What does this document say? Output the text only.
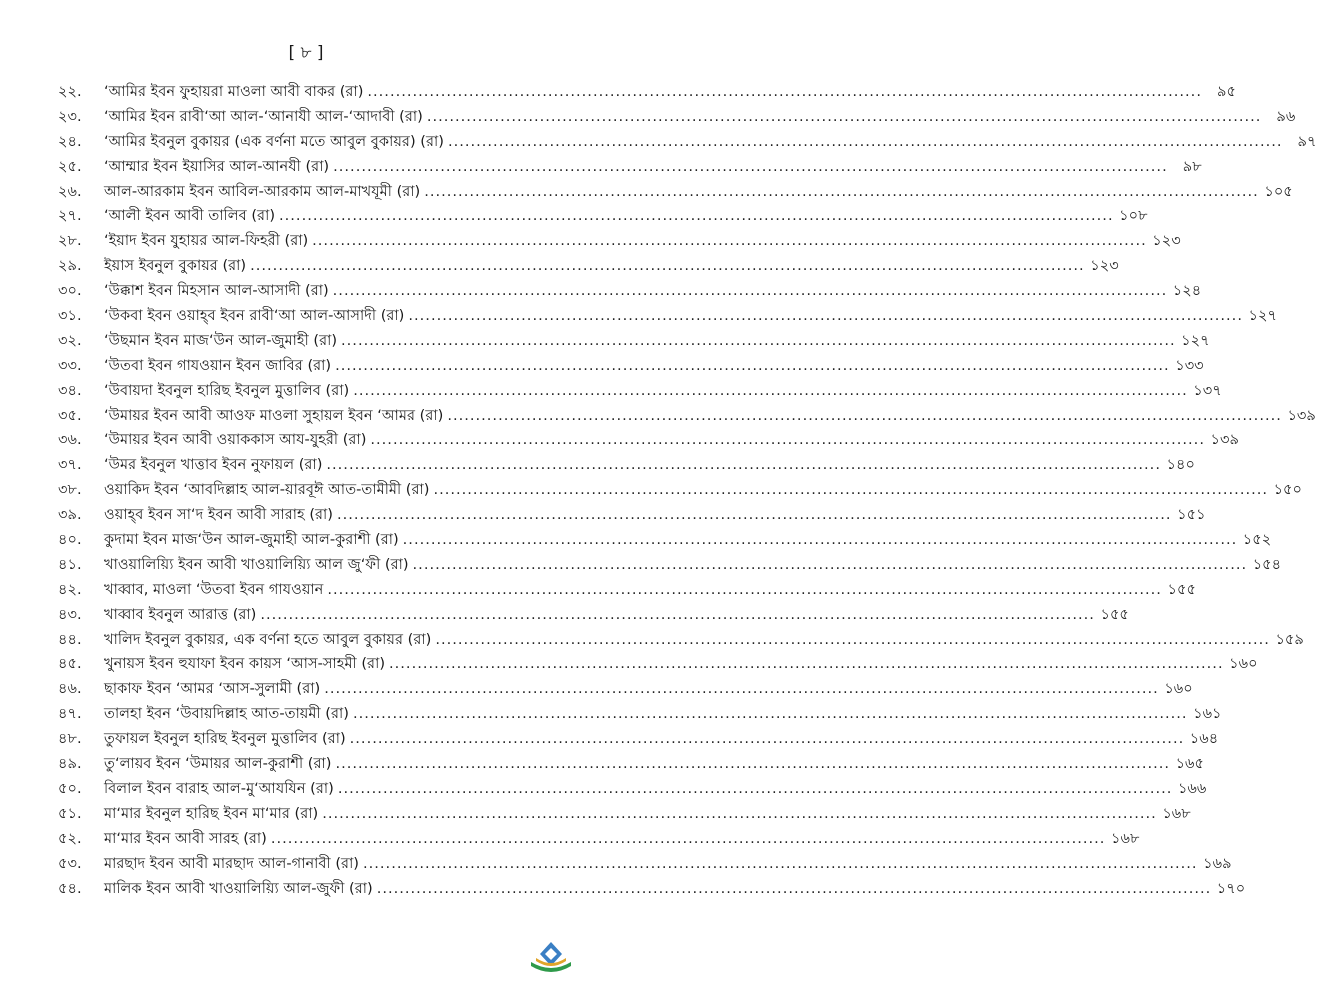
[ ৮ ]
২২.	‘আমির ইবন ফুহায়রা মাওলা আবী বাকর (রা) .....	৯৫
২৩.	‘আমির ইবন রাবী‘আ আল-‘আনাযী আল-‘আদাবী (রা) .....	৯৬
২৪.	‘আমির ইবনুল বুকায়র (এক বর্ণনা মতে আবুল বুকায়র) (রা) .....	৯৭
২৫.	‘আম্মার ইবন ইয়াসির আল-আনযী (রা) .....	৯৮
২৬.	আল-আরকাম ইবন আবিল-আরকাম আল-মাখযূমী (রা) .....	১০৫
২৭.	‘আলী ইবন আবী তালিব (রা) .....	১০৮
২৮.	‘ইয়াদ ইবন যুহায়র আল-ফিহরী (রা) .....	১২৩
২৯.	ইয়াস ইবনুল বুকায়র (রা) .....	১২৩
৩০.	‘উক্কাশ ইবন মিহসান আল-আসাদী (রা) .....	১২৪
৩১.	‘উকবা ইবন ওয়াহ্‌ব ইবন রাবী‘আ আল-আসাদী (রা) .....	১২৭
৩২.	‘উছমান ইবন মাজ‘উন আল-জুমাহী (রা) .....	১২৭
৩৩.	‘উতবা ইবন গাযওয়ান ইবন জাবির (রা) .....	১৩৩
৩৪.	‘উবায়দা ইবনুল হারিছ ইবনুল মুত্তালিব (রা) .....	১৩৭
৩৫.	‘উমায়র ইবন আবী আওফ মাওলা সুহায়ল ইবন ‘আমর (রা) .....	১৩৯
৩৬.	‘উমায়র ইবন আবী ওয়াককাস আয-যুহরী (রা) .....	১৩৯
৩৭.	‘উমর ইবনুল খাত্তাব ইবন নুফায়ল (রা) .....	১৪০
৩৮.	ওয়াকিদ ইবন ‘আবদিল্লাহ আল-য়ারবূঈ আত-তামীমী (রা) .....	১৫০
৩৯.	ওয়াহ্‌ব ইবন সা‘দ ইবন আবী সারাহ (রা) .....	১৫১
৪০.	কুদামা ইবন মাজ‘উন আল-জুমাহী আল-কুরাশী (রা) .....	১৫২
৪১.	খাওয়ালিয়্যি ইবন আবী খাওয়ালিয়্যি আল জু‘ফী (রা) .....	১৫৪
৪২.	খাব্বাব, মাওলা ‘উতবা ইবন গাযওয়ান .....	১৫৫
৪৩.	খাব্বাব ইবনুল আরাত্ত (রা) .....	১৫৫
৪৪.	খালিদ ইবনুল বুকায়র, এক বর্ণনা হতে আবুল বুকায়র (রা) .....	১৫৯
৪৫.	খুনায়স ইবন হুযাফা ইবন কায়স ‘আস-সাহমী (রা) .....	১৬০
৪৬.	ছাকাফ ইবন ‘আমর ‘আস-সুলামী (রা) .....	১৬০
৪৭.	তালহা ইবন ‘উবায়দিল্লাহ আত-তায়মী (রা) .....	১৬১
৪৮.	তুফায়ল ইবনুল হারিছ ইবনুল মুত্তালিব (রা) .....	১৬৪
৪৯.	তু‘লায়ব ইবন ‘উমায়র আল-কুরাশী (রা) .....	১৬৫
৫০.	বিলাল ইবন বারাহ আল-মু‘আযযিন (রা) .....	১৬৬
৫১.	মা‘মার ইবনুল হারিছ ইবন মা‘মার (রা) .....	১৬৮
৫২.	মা‘মার ইবন আবী সারহ (রা) .....	১৬৮
৫৩.	মারছাদ ইবন আবী মারছাদ আল-গানাবী (রা) .....	১৬৯
৫৪.	মালিক ইবন আবী খাওয়ালিয়্যি আল-জুফী (রা) .....	১৭০
